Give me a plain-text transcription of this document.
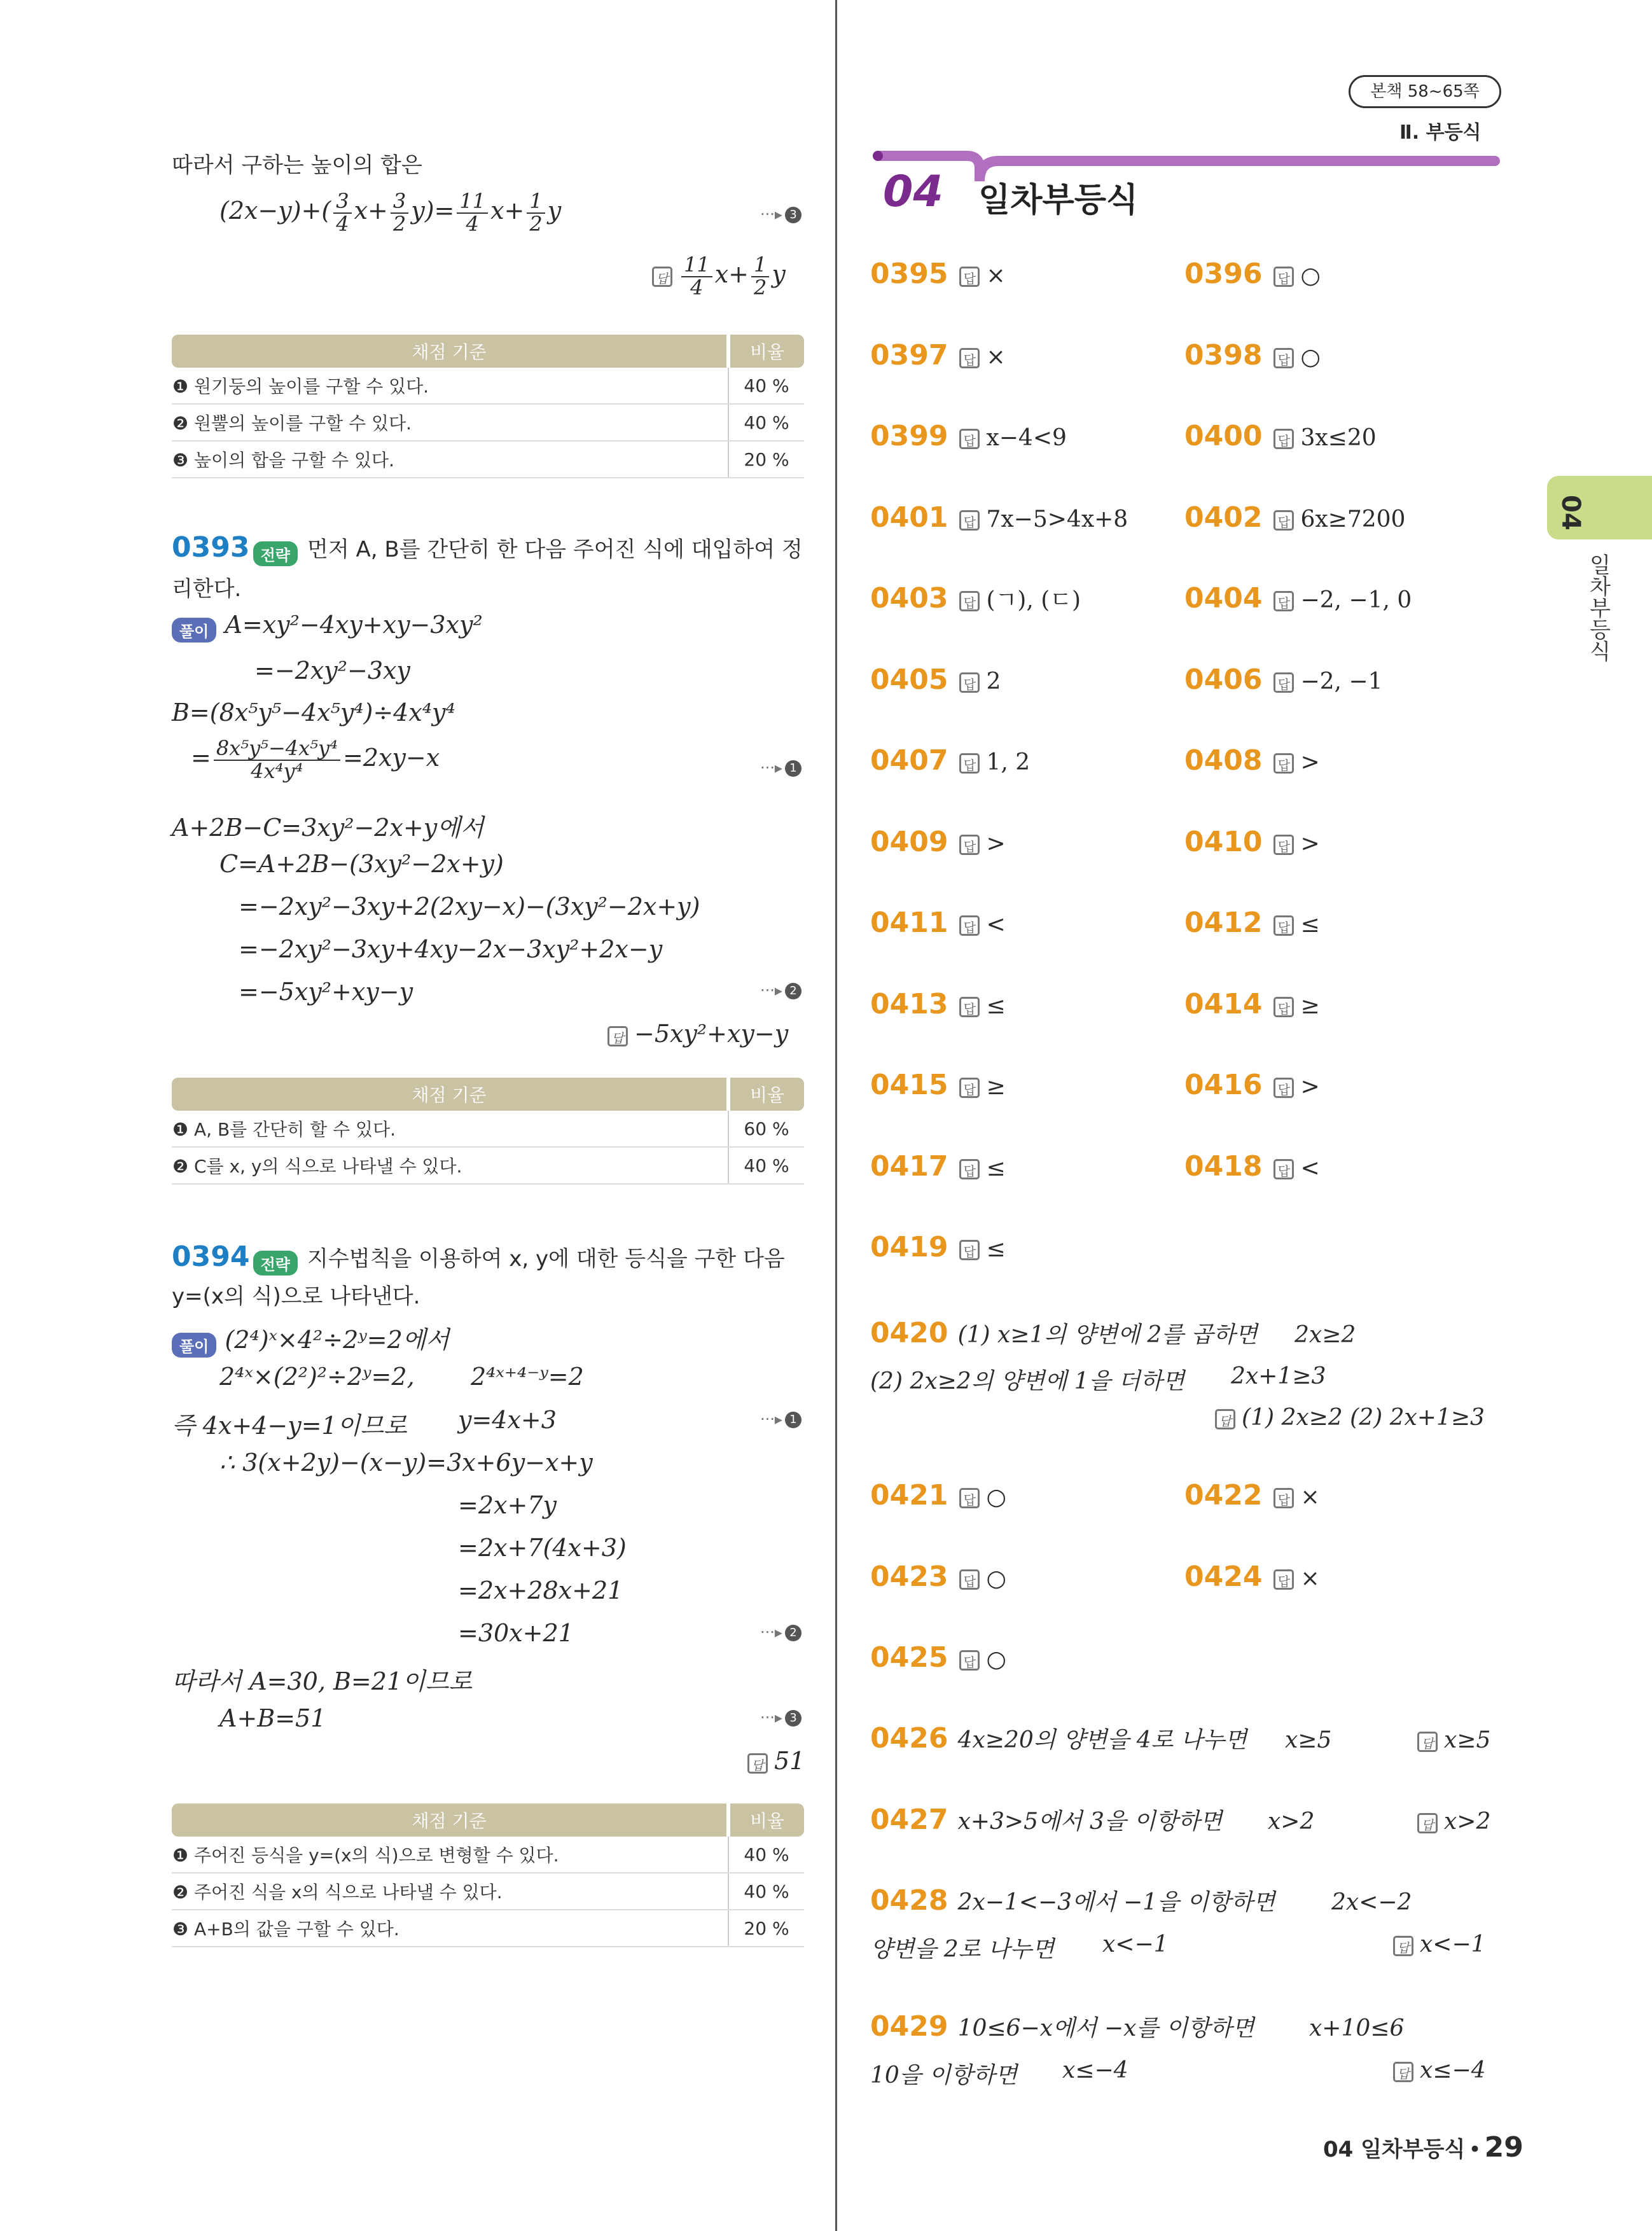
본책 58~65쪽
Ⅱ. 부등식
04 일차부등식
04
일차부등식
따라서 구하는 높이의 합은
$(2x-y)+( \frac{3}{4} x+ \frac{3}{2} y)= \frac{11}{4} x+ \frac{1}{2}$ y	···▸ 3
답 $\frac{11}{4} x+ \frac{1}{2}$ y
채점 기준	비율
❶ 원기둥의 높이를 구할 수 있다.	40 %
❷ 원뿔의 높이를 구할 수 있다.	40 %
❸ 높이의 합을 구할 수 있다.	20 %
0393 전략 먼저 A, B를 간단히 한 다음 주어진 식에 대입하여 정
리한다.
풀이 A=xy²−4xy+xy−3xy²
=−2xy²−3xy
B=(8x⁵y⁵−4x⁵y⁴)÷4x⁴y⁴
= $\frac{\text{8x⁵y⁵−4x⁵y⁴}}{\text{4x⁴y⁴}} =2xy-x$	···▸ 1
A+2B−C=3xy²−2x+y에서
C=A+2B−(3xy²−2x+y)
=−2xy²−3xy+2(2xy−x)−(3xy²−2x+y)
=−2xy²−3xy+4xy−2x−3xy²+2x−y
=−5xy²+xy−y	···▸ 2
답 −5xy²+xy−y
채점 기준	비율
❶ A, B를 간단히 할 수 있다.	60 %
❷ C를 x, y의 식으로 나타낼 수 있다.	40 %
0394 전략 지수법칙을 이용하여 x, y에 대한 등식을 구한 다음
y=(x의 식)으로 나타낸다.
풀이 (2⁴)ˣ×4²÷2ʸ=2에서
2⁴ˣ×(2²)²÷2ʸ=2, 2⁴ˣ⁺⁴⁻ʸ=2
즉 4x+4−y=1이므로 y=4x+3	···▸ 1
∴ 3(x+2y)−(x−y)=3x+6y−x+y
=2x+7y
=2x+7(4x+3)
=2x+28x+21
=30x+21	···▸ 2
따라서 A=30, B=21이므로
A+B=51	···▸ 3
답 51
채점 기준	비율
❶ 주어진 등식을 y=(x의 식)으로 변형할 수 있다.	40 %
❷ 주어진 식을 x의 식으로 나타낼 수 있다.	40 %
❸ A+B의 값을 구할 수 있다.	20 %
0395 답 ×	0396 답 ○
0397 답 ×	0398 답 ○
0399 답 x−4<9	0400 답 3x≤20
0401 답 7x−5>4x+8 0402 답 6x≥7200
0403 답 (ㄱ), (ㄷ)	0404 답 −2, −1, 0
0405 답 2	0406 답 −2, −1
0407 답 1, 2	0408 답 >
0409 답 >	0410 답 >
0411 답 <	0412 답 ≤
0413 답 ≤	0414 답 ≥
0415 답 ≥	0416 답 >
0417 답 ≤	0418 답 <
0419 답 ≤
0420 (1) x≥1의 양변에 2를 곱하면 2x≥2
(2) 2x≥2의 양변에 1을 더하면 2x+1≥3
답 (1) 2x≥2 (2) 2x+1≥3
0421 답 ○	0422 답 ×
0423 답 ○	0424 답 ×
0425 답 ○
0426 4x≥20의 양변을 4로 나누면 x≥5	답 x≥5
0427 x+3>5에서 3을 이항하면 x>2	답 x>2
0428 2x−1<−3에서 −1을 이항하면 2x<−2
양변을 2로 나누면 x<−1	답 x<−1
0429 10≤6−x에서 −x를 이항하면 x+10≤6
10을 이항하면 x≤−4	답 x≤−4
04 일차부등식 • 29
